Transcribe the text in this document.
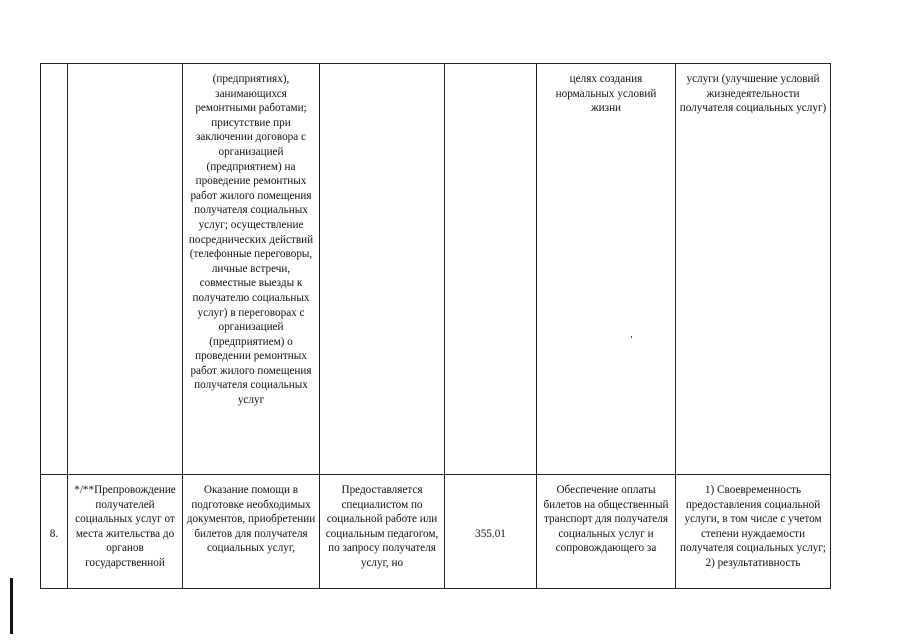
		(предприятиях), занимающихся ремонтными работами; присутствие при заключении договора с организацией (предприятием) на проведение ремонтных работ жилого помещения получателя социальных услуг; осуществление посреднических действий (телефонные переговоры, личные встречи, совместные выезды к получателю социальных услуг) в переговорах с организацией (предприятием) о проведении ремонтных работ жилого помещения получателя социальных услуг			целях создания нормальных условий жизни	услуги (улучшение условий жизнедеятельности получателя социальных услуг)

8.	*/**Препровождение получателей социальных услуг от места жительства до органов государственной	Оказание помощи в подготовке необходимых документов, приобретении билетов для получателя социальных услуг,	Предоставляется специалистом по социальной работе или социальным педагогом, по запросу получателя услуг, но	355.01	Обеспечение оплаты билетов на общественный транспорт для получателя социальных услуг и сопровождающего за	1) Своевременность предоставления социальной услуги, в том числе с учетом степени нуждаемости получателя социальных услуг; 2) результативность
